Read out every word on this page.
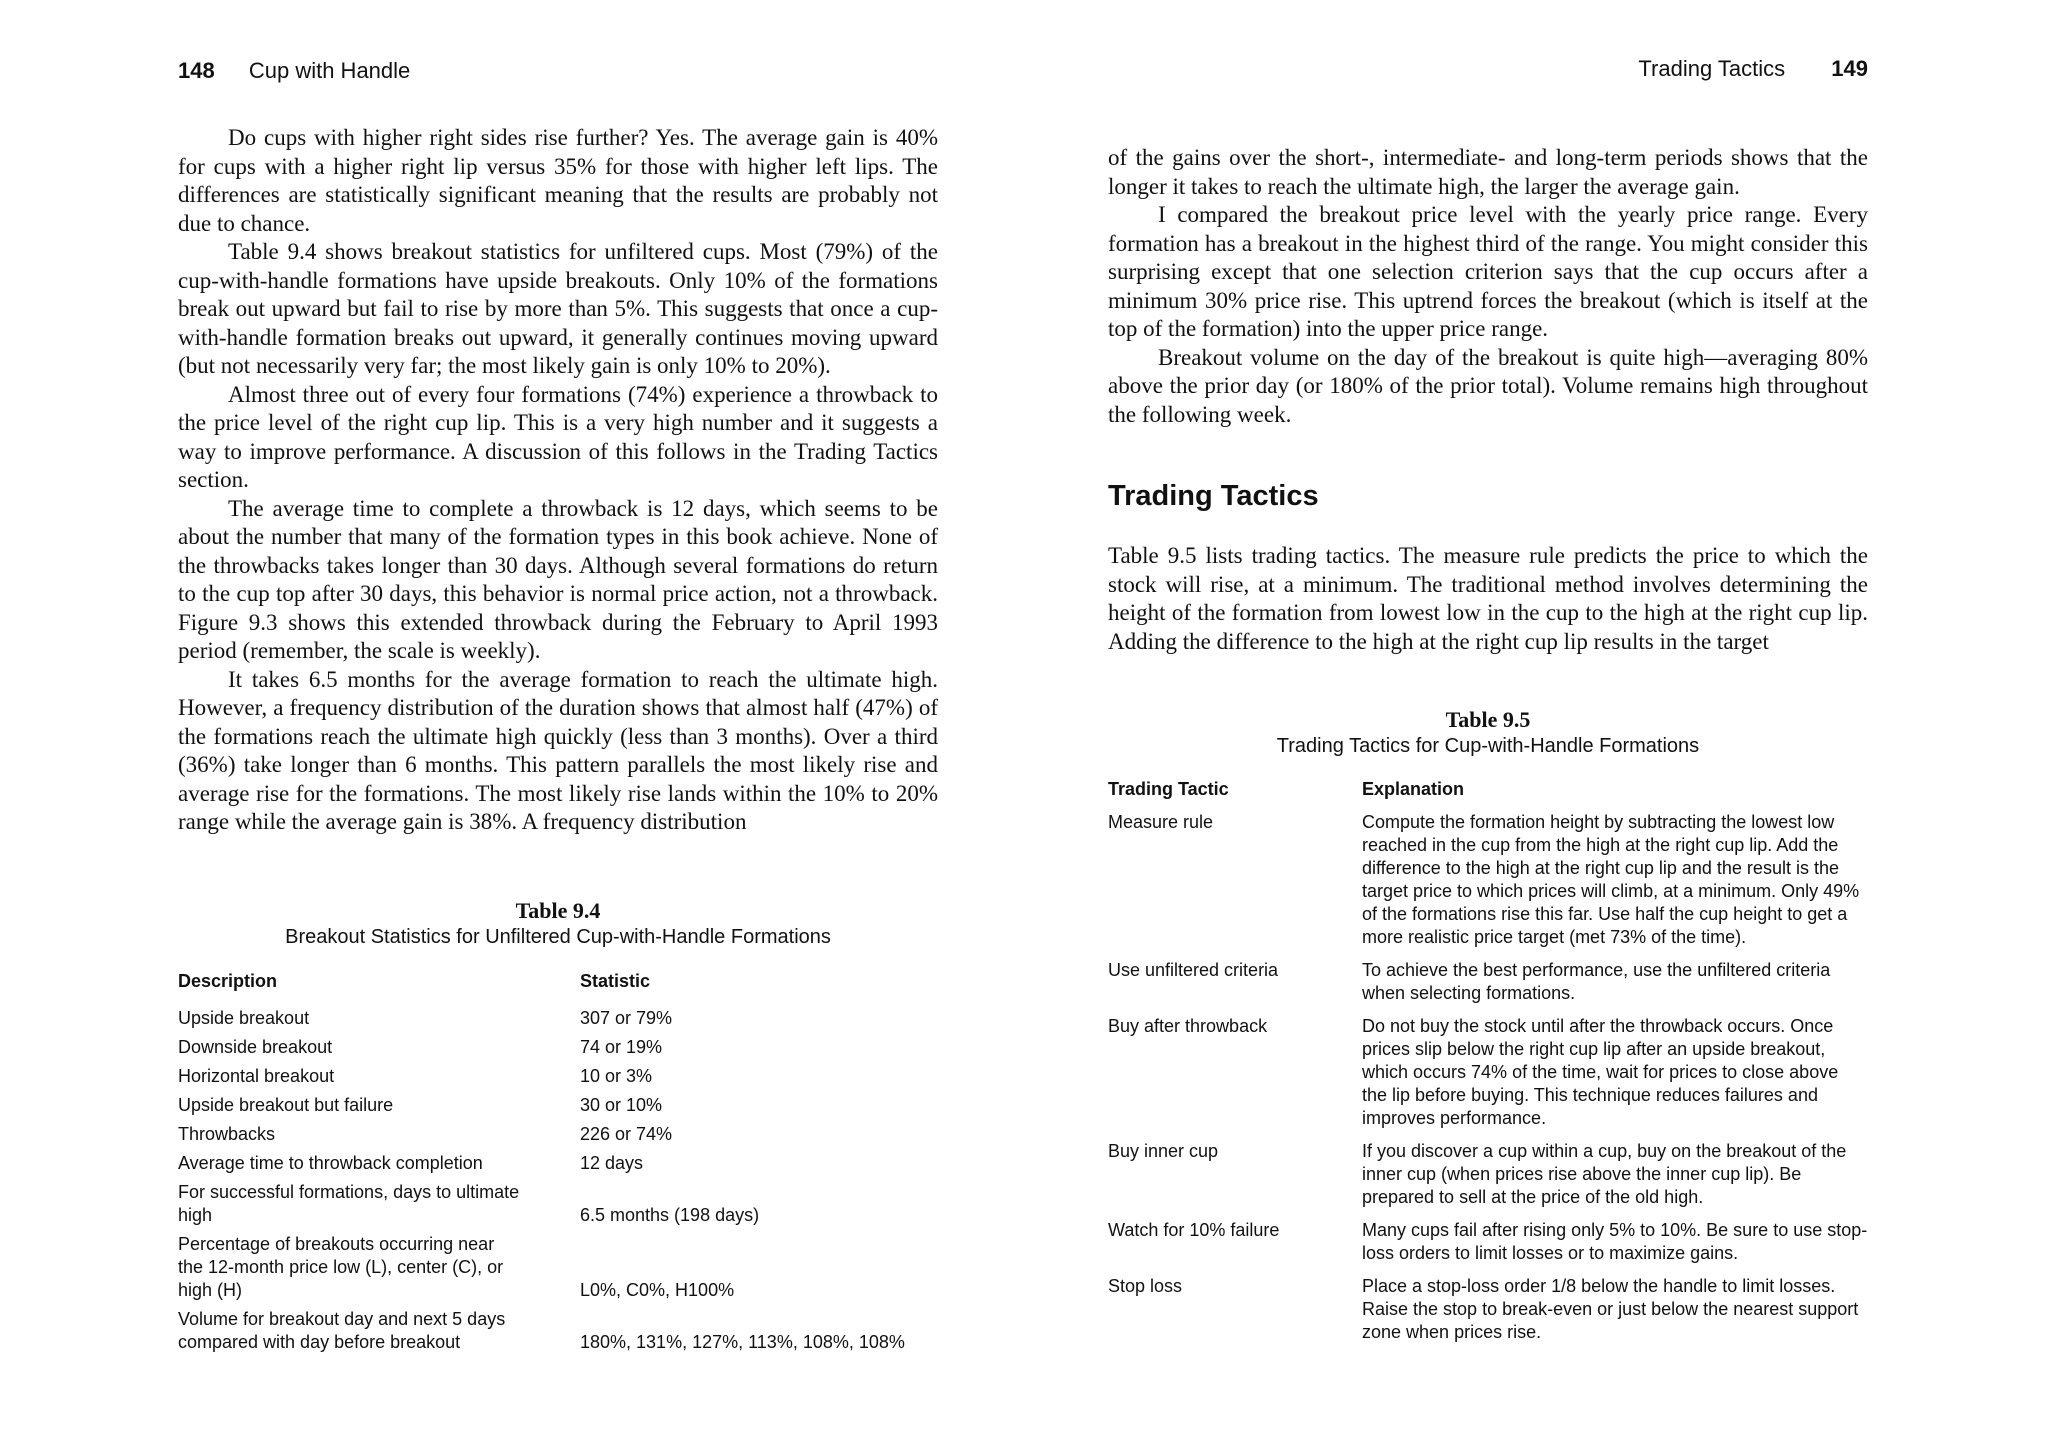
148 Cup with Handle

Do cups with higher right sides rise further? Yes. The average gain is 40% for cups with a higher right lip versus 35% for those with higher left lips. The differences are statistically significant meaning that the results are probably not due to chance.

Table 9.4 shows breakout statistics for unfiltered cups. Most (79%) of the cup-with-handle formations have upside breakouts. Only 10% of the formations break out upward but fail to rise by more than 5%. This suggests that once a cup-with-handle formation breaks out upward, it generally continues moving upward (but not necessarily very far; the most likely gain is only 10% to 20%).

Almost three out of every four formations (74%) experience a throwback to the price level of the right cup lip. This is a very high number and it suggests a way to improve performance. A discussion of this follows in the Trading Tactics section.

The average time to complete a throwback is 12 days, which seems to be about the number that many of the formation types in this book achieve. None of the throwbacks takes longer than 30 days. Although several formations do return to the cup top after 30 days, this behavior is normal price action, not a throwback. Figure 9.3 shows this extended throwback during the February to April 1993 period (remember, the scale is weekly).

It takes 6.5 months for the average formation to reach the ultimate high. However, a frequency distribution of the duration shows that almost half (47%) of the formations reach the ultimate high quickly (less than 3 months). Over a third (36%) take longer than 6 months. This pattern parallels the most likely rise and average rise for the formations. The most likely rise lands within the 10% to 20% range while the average gain is 38%. A frequency distribution

Table 9.4
Breakout Statistics for Unfiltered Cup-with-Handle Formations
Description	Statistic
Upside breakout	307 or 79%
Downside breakout	74 or 19%
Horizontal breakout	10 or 3%
Upside breakout but failure	30 or 10%
Throwbacks	226 or 74%
Average time to throwback completion	12 days
For successful formations, days to ultimate high	6.5 months (198 days)
Percentage of breakouts occurring near the 12-month price low (L), center (C), or high (H)	L0%, C0%, H100%
Volume for breakout day and next 5 days compared with day before breakout	180%, 131%, 127%, 113%, 108%, 108%
Trading Tactics 149

of the gains over the short-, intermediate- and long-term periods shows that the longer it takes to reach the ultimate high, the larger the average gain.

I compared the breakout price level with the yearly price range. Every formation has a breakout in the highest third of the range. You might consider this surprising except that one selection criterion says that the cup occurs after a minimum 30% price rise. This uptrend forces the breakout (which is itself at the top of the formation) into the upper price range.

Breakout volume on the day of the breakout is quite high—averaging 80% above the prior day (or 180% of the prior total). Volume remains high throughout the following week.

Trading Tactics

Table 9.5 lists trading tactics. The measure rule predicts the price to which the stock will rise, at a minimum. The traditional method involves determining the height of the formation from lowest low in the cup to the high at the right cup lip. Adding the difference to the high at the right cup lip results in the target

Table 9.5
Trading Tactics for Cup-with-Handle Formations
Trading Tactic	Explanation
Measure rule	Compute the formation height by subtracting the lowest low reached in the cup from the high at the right cup lip. Add the difference to the high at the right cup lip and the result is the target price to which prices will climb, at a minimum. Only 49% of the formations rise this far. Use half the cup height to get a more realistic price target (met 73% of the time).
Use unfiltered criteria	To achieve the best performance, use the unfiltered criteria when selecting formations.
Buy after throwback	Do not buy the stock until after the throwback occurs. Once prices slip below the right cup lip after an upside breakout, which occurs 74% of the time, wait for prices to close above the lip before buying. This technique reduces failures and improves performance.
Buy inner cup	If you discover a cup within a cup, buy on the breakout of the inner cup (when prices rise above the inner cup lip). Be prepared to sell at the price of the old high.
Watch for 10% failure	Many cups fail after rising only 5% to 10%. Be sure to use stop-loss orders to limit losses or to maximize gains.
Stop loss	Place a stop-loss order 1/8 below the handle to limit losses. Raise the stop to break-even or just below the nearest support zone when prices rise.
